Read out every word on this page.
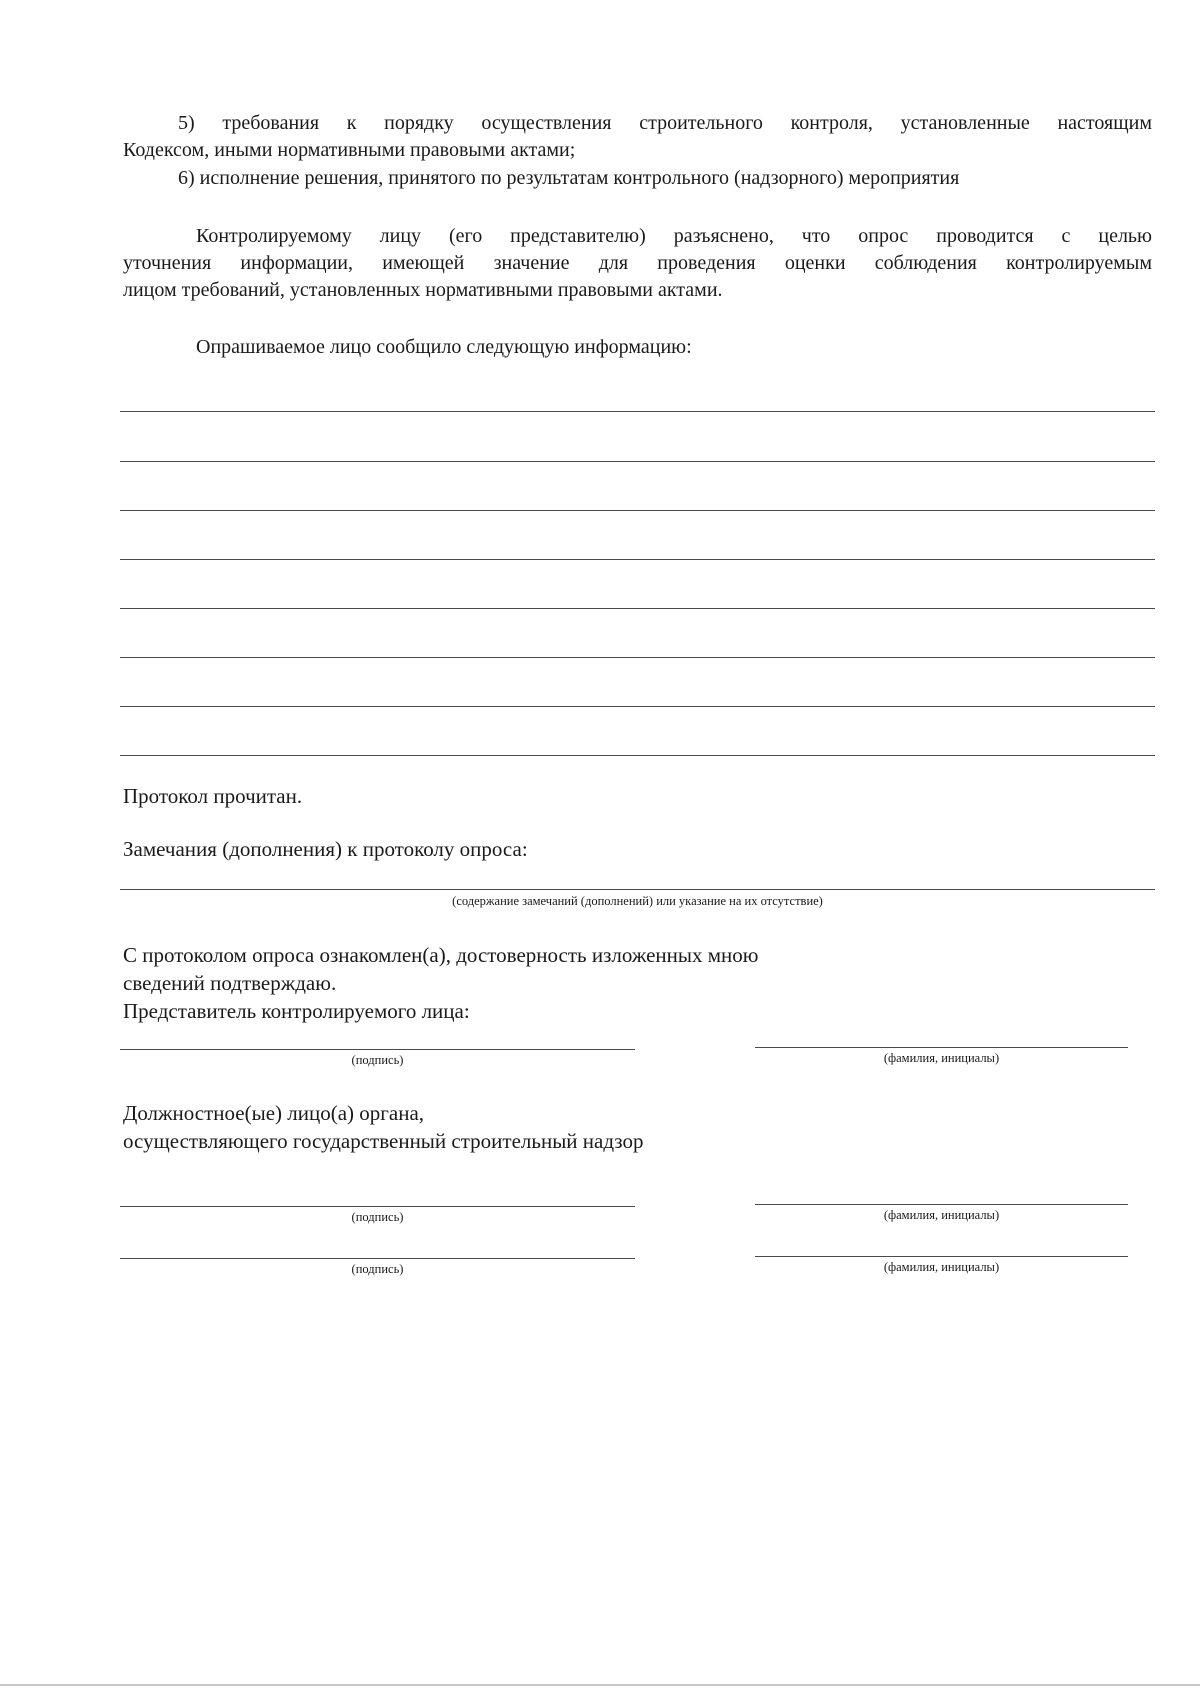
5) требования к порядку осуществления строительного контроля, установленные настоящим
Кодексом, иными нормативными правовыми актами;
6) исполнение решения, принятого по результатам контрольного (надзорного) мероприятия
Контролируемому лицу (его представителю) разъяснено, что опрос проводится с целью
уточнения информации, имеющей значение для проведения оценки соблюдения контролируемым
лицом требований, установленных нормативными правовыми актами.
Опрашиваемое лицо сообщило следующую информацию:
Протокол прочитан.
Замечания (дополнения) к протоколу опроса:
(содержание замечаний (дополнений) или указание на их отсутствие)
С протоколом опроса ознакомлен(а), достоверность изложенных мною
сведений подтверждаю.
Представитель контролируемого лица:
(подпись)	(фамилия, инициалы)
Должностное(ые) лицо(а) органа,
осуществляющего государственный строительный надзор
(подпись)	(фамилия, инициалы)
(подпись)	(фамилия, инициалы)
